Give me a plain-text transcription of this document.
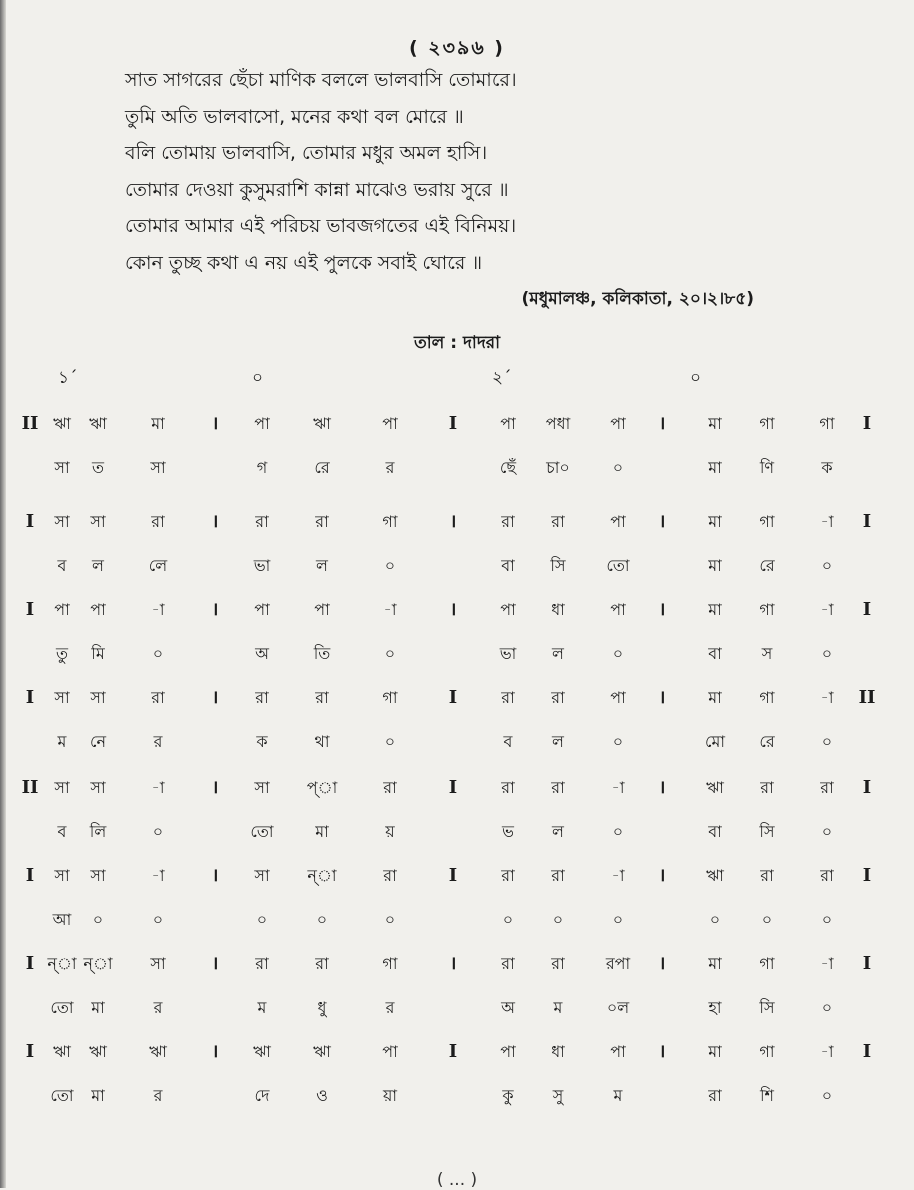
( ২৩৯৬ )
সাত সাগরের ছেঁচা মাণিক বললে ভালবাসি তোমারে।
তুমি অতি ভালবাসো, মনের কথা বল মোরে ॥
বলি তোমায় ভালবাসি, তোমার মধুর অমল হাসি।
তোমার দেওয়া কুসুমরাশি কান্না মাঝেও ভরায় সুরে ॥
তোমার আমার এই পরিচয় ভাবজগতের এই বিনিময়।
কোন তুচ্ছ কথা এ নয় এই পুলকে সবাই ঘোরে ॥
(মধুমালঞ্চ, কলিকাতা, ২০।২।৮৫)
তাল : দাদরা
১´	০	২´	০
II	।	I	।	I
ঋা	ঋা	মা	পা	ঋা	পা	পা	পধা	পা	মা	গা	গা
সা	ত	সা	গ	রে	র	ছেঁ	চা০	০	মা	ণি	ক
I	।	।	।	I
সা	সা	রা	রা	রা	গা	রা	রা	পা	মা	গা	-া
ব	ল	লে	ভা	ল	০	বা	সি	তো	মা	রে	০
I	।	।	।	I
পা	পা	-া	পা	পা	-া	পা	ধা	পা	মা	গা	-া
তু	মি	০	অ	তি	০	ভা	ল	০	বা	স	০
I	।	I	।	II
সা	সা	রা	রা	রা	গা	রা	রা	পা	মা	গা	-া
ম	নে	র	ক	থা	০	ব	ল	০	মো	রে	০
II	।	I	।	I
সা	সা	-া	সা	প্া	রা	রা	রা	-া	ঋা	রা	রা
ব	লি	০	তো	মা	য়	ভ	ল	০	বা	সি	০
I	।	I	।	I
সা	সা	-া	সা	ন্া	রা	রা	রা	-া	ঋা	রা	রা
আ	০	০	০	০	০	০	০	০	০	০	০
I	।	।	।	I
ন্া ন্া	সা	রা	রা	গা	রা	রা	রপা	মা	গা	-া
তো	মা	র	ম	ধু	র	অ	ম	০ল	হা	সি	০
I	।	I	।	I
ঋা	ঋা	ঋা	ঋা	ঋা	পা	পা	ধা	পা	মা	গা	-া
তো	মা	র	দে	ও	য়া	কু	সু	ম	রা	শি	০
( ... )
